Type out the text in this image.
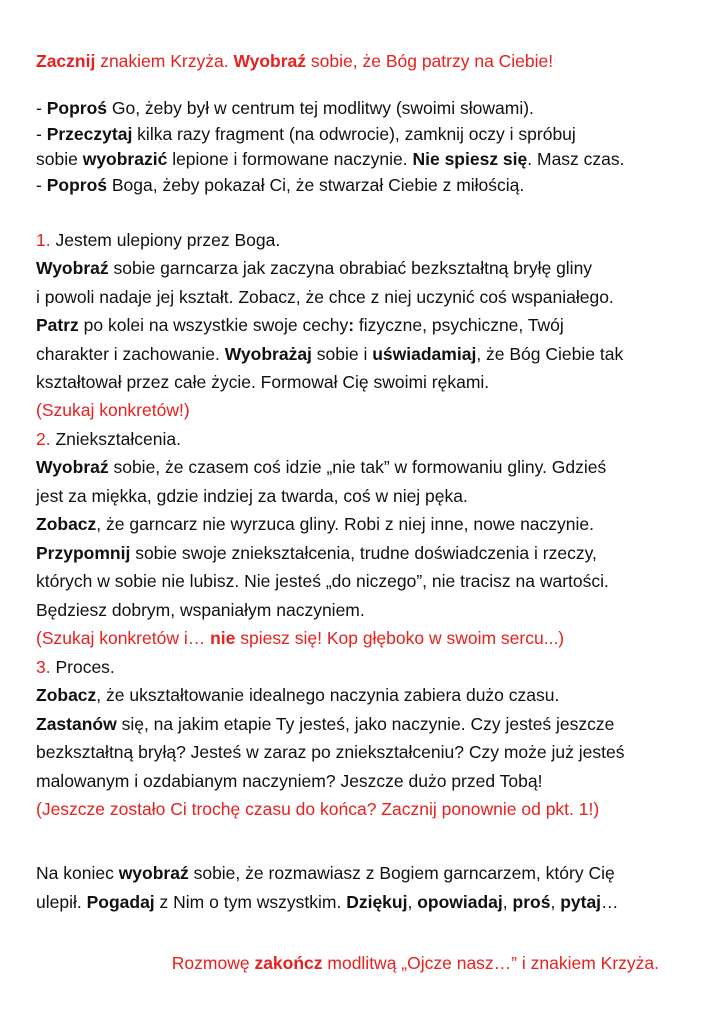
Zacznij znakiem Krzyża. Wyobraź sobie, że Bóg patrzy na Ciebie!
- Poproś Go, żeby był w centrum tej modlitwy (swoimi słowami).
- Przeczytaj kilka razy fragment (na odwrocie), zamknij oczy i spróbuj
sobie wyobrazić lepione i formowane naczynie. Nie spiesz się. Masz czas.
- Poproś Boga, żeby pokazał Ci, że stwarzał Ciebie z miłością.
1. Jestem ulepiony przez Boga.
Wyobraź sobie garncarza jak zaczyna obrabiać bezkształtną bryłę gliny
i powoli nadaje jej kształt. Zobacz, że chce z niej uczynić coś wspaniałego.
Patrz po kolei na wszystkie swoje cechy: fizyczne, psychiczne, Twój
charakter i zachowanie. Wyobrażaj sobie i uświadamiaj, że Bóg Ciebie tak
kształtował przez całe życie. Formował Cię swoimi rękami.
(Szukaj konkretów!)
2. Zniekształcenia.
Wyobraź sobie, że czasem coś idzie „nie tak” w formowaniu gliny. Gdzieś
jest za miękka, gdzie indziej za twarda, coś w niej pęka.
Zobacz, że garncarz nie wyrzuca gliny. Robi z niej inne, nowe naczynie.
Przypomnij sobie swoje zniekształcenia, trudne doświadczenia i rzeczy,
których w sobie nie lubisz. Nie jesteś „do niczego”, nie tracisz na wartości.
Będziesz dobrym, wspaniałym naczyniem.
(Szukaj konkretów i… nie spiesz się! Kop głęboko w swoim sercu...)
3. Proces.
Zobacz, że ukształtowanie idealnego naczynia zabiera dużo czasu.
Zastanów się, na jakim etapie Ty jesteś, jako naczynie. Czy jesteś jeszcze
bezkształtną bryłą? Jesteś w zaraz po zniekształceniu? Czy może już jesteś
malowanym i ozdabianym naczyniem? Jeszcze dużo przed Tobą!
(Jeszcze zostało Ci trochę czasu do końca? Zacznij ponownie od pkt. 1!)
Na koniec wyobraź sobie, że rozmawiasz z Bogiem garncarzem, który Cię
ulepił. Pogadaj z Nim o tym wszystkim. Dziękuj, opowiadaj, proś, pytaj…
Rozmowę zakończ modlitwą „Ojcze nasz…” i znakiem Krzyża.
